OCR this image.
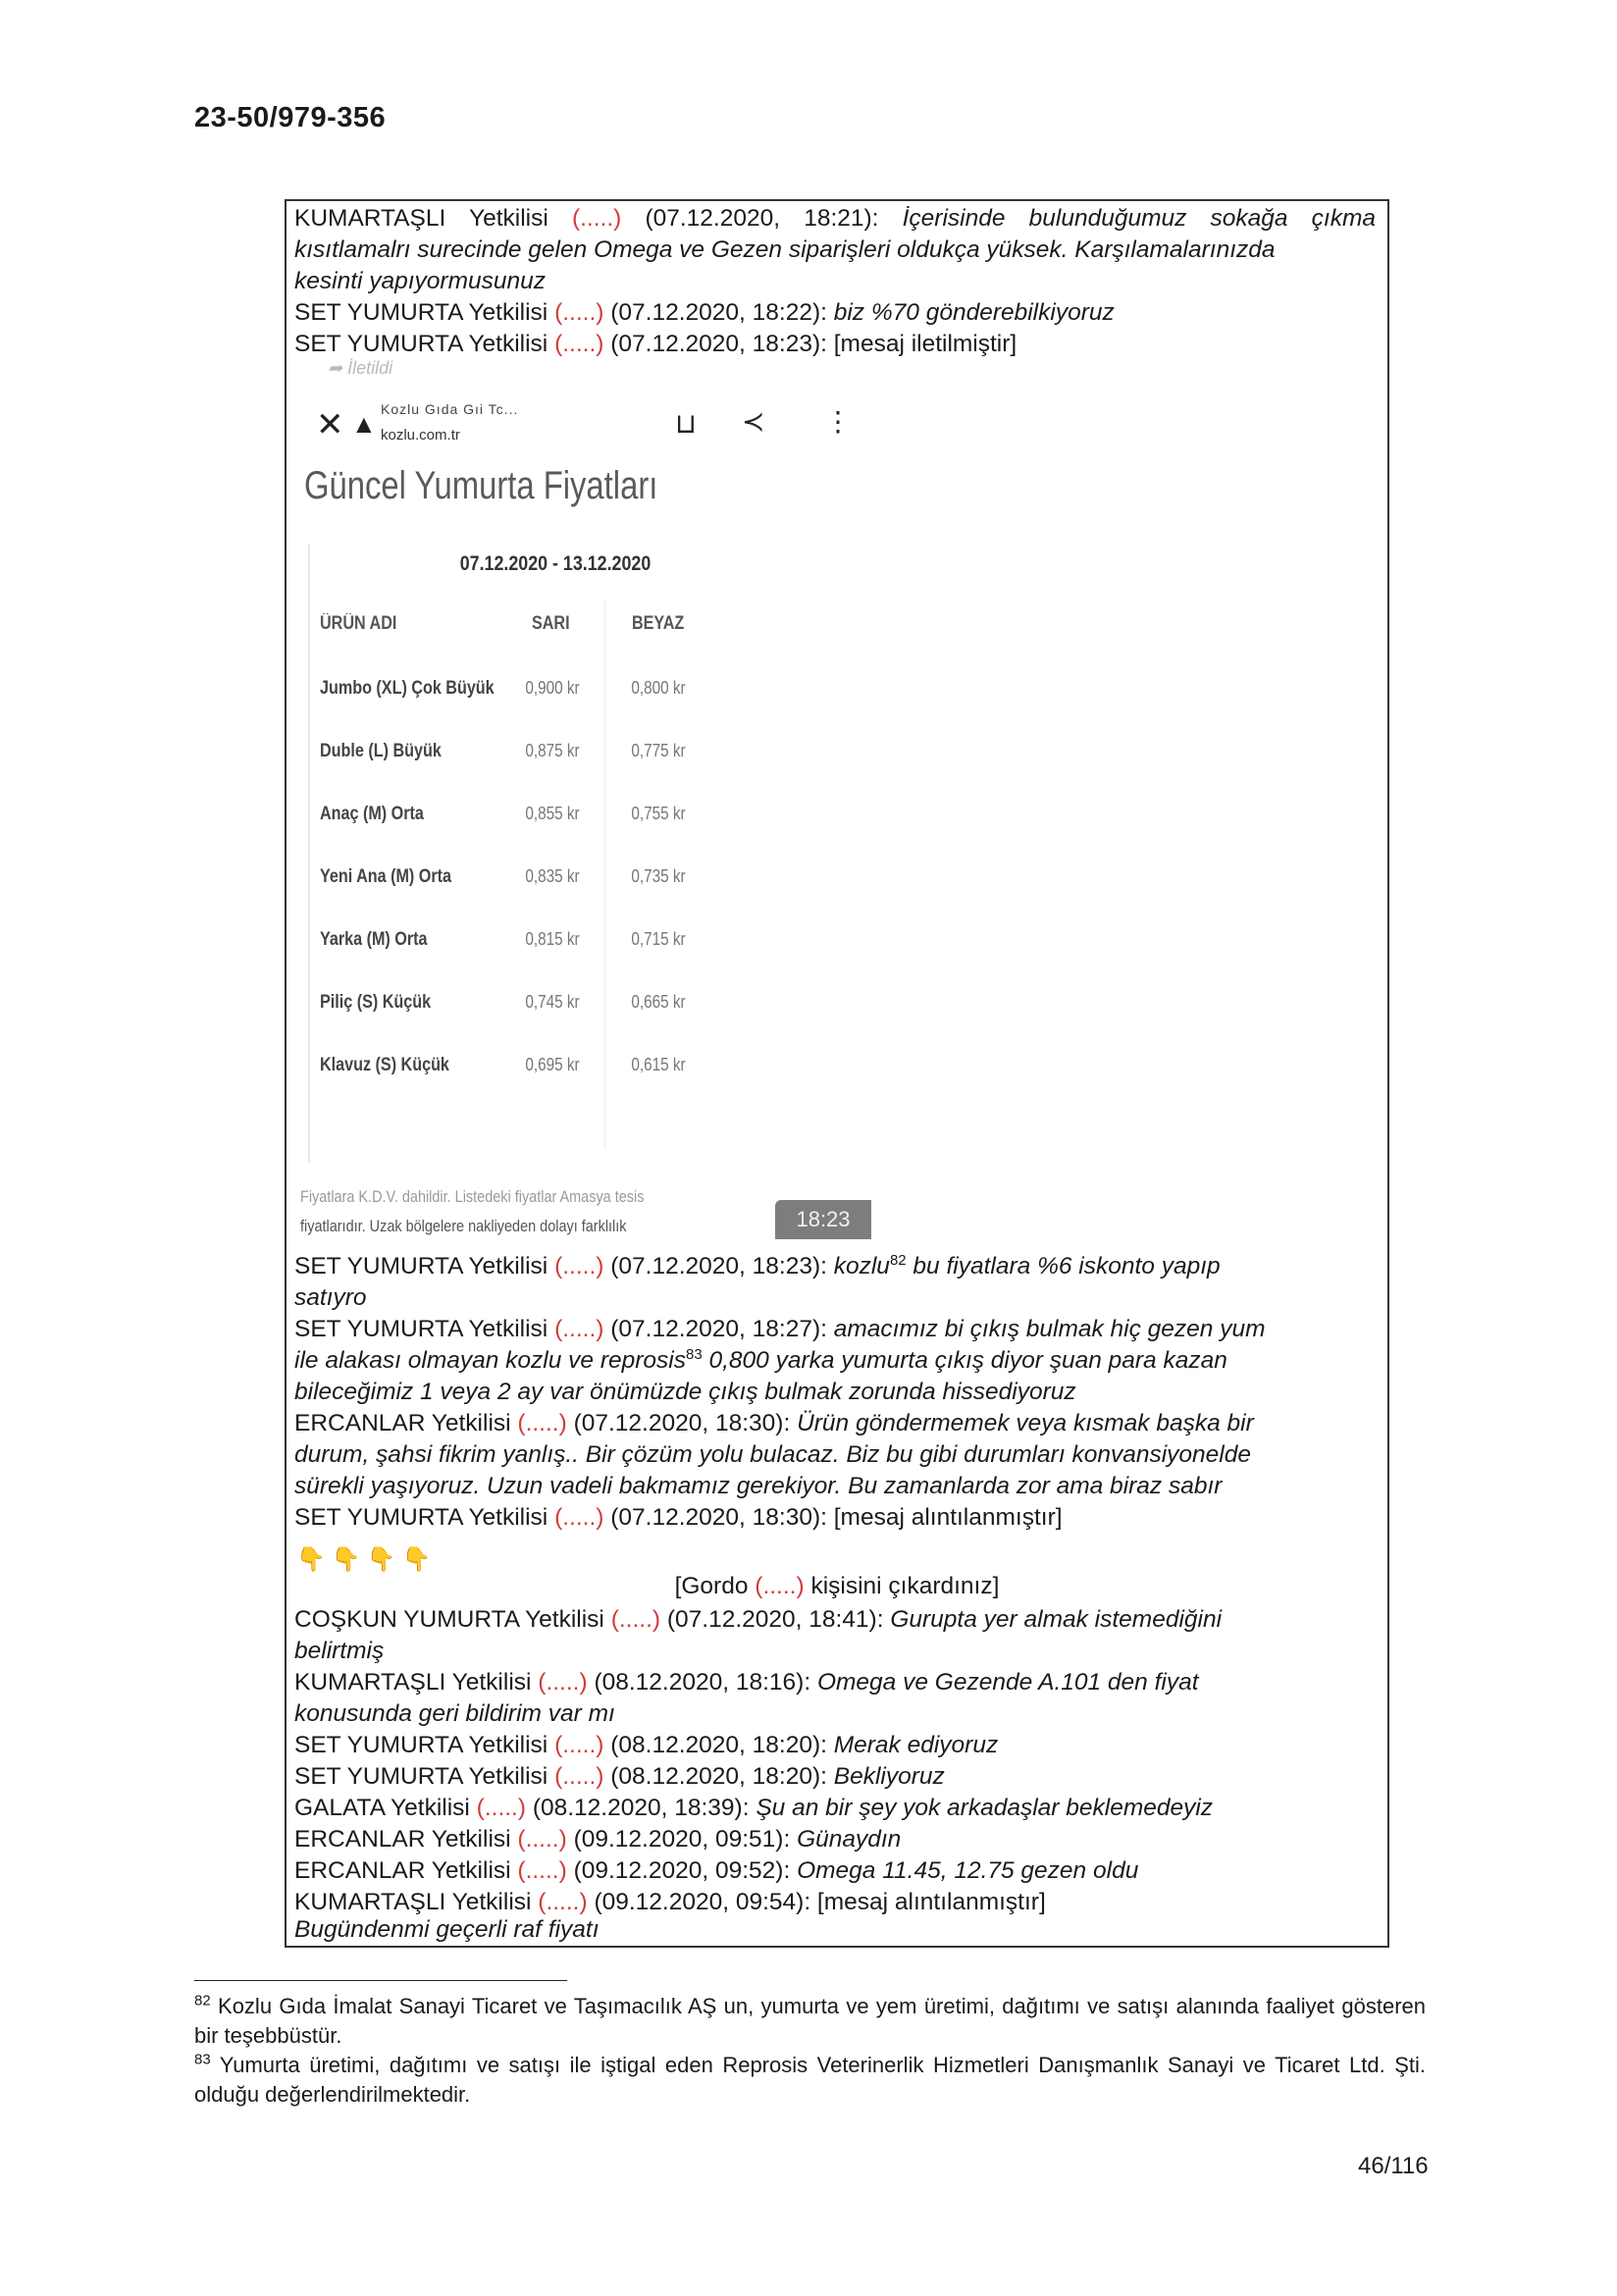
23-50/979-356
KUMARTAŞLI Yetkilisi (.....) (07.12.2020, 18:21): İçerisinde bulunduğumuz sokağa çıkma
kısıtlamalrı surecinde gelen Omega ve Gezen siparişleri oldukça yüksek. Karşılamalarınızda
kesinti yapıyormusunuz
SET YUMURTA Yetkilisi (.....) (07.12.2020, 18:22): biz %70 gönderebilkiyoruz
SET YUMURTA Yetkilisi (.....) (07.12.2020, 18:23): [mesaj iletilmiştir]
➦ İletildi
✕ ▲ Kozlu Gıda Gıi Tc...
kozlu.com.tr	⊔ ≺ ⋮
Güncel Yumurta Fiyatları
07.12.2020 - 13.12.2020
ÜRÜN ADI	SARI	BEYAZ
Jumbo (XL) Çok Büyük 0,900 kr	0,800 kr
Duble (L) Büyük	0,875 kr	0,775 kr
Anaç (M) Orta	0,855 kr	0,755 kr
Yeni Ana (M) Orta	0,835 kr	0,735 kr
Yarka (M) Orta	0,815 kr	0,715 kr
Piliç (S) Küçük	0,745 kr	0,665 kr
Klavuz (S) Küçük	0,695 kr	0,615 kr
Fiyatlara K.D.V. dahildir. Listedeki fiyatlar Amasya tesis
fiyatlarıdır. Uzak bölgelere nakliyeden dolayı farklılık	18:23
SET YUMURTA Yetkilisi (.....) (07.12.2020, 18:23): kozlu$^{82}$ bu fiyatlara %6 iskonto yapıp
satıyro
SET YUMURTA Yetkilisi (.....) (07.12.2020, 18:27): amacımız bi çıkış bulmak hiç gezen yum
ile alakası olmayan kozlu ve reprosis$^{83}$ 0,800 yarka yumurta çıkış diyor şuan para kazan
bileceğimiz 1 veya 2 ay var önümüzde çıkış bulmak zorunda hissediyoruz
ERCANLAR Yetkilisi (.....) (07.12.2020, 18:30): Ürün göndermemek veya kısmak başka bir
durum, şahsi fikrim yanlış.. Bir çözüm yolu bulacaz. Biz bu gibi durumları konvansiyonelde
sürekli yaşıyoruz. Uzun vadeli bakmamız gerekiyor. Bu zamanlarda zor ama biraz sabır
SET YUMURTA Yetkilisi (.....) (07.12.2020, 18:30): [mesaj alıntılanmıştır]
👇👇👇👇
[Gordo (.....) kişisini çıkardınız]
COŞKUN YUMURTA Yetkilisi (.....) (07.12.2020, 18:41): Gurupta yer almak istemediğini
belirtmiş
KUMARTAŞLI Yetkilisi (.....) (08.12.2020, 18:16): Omega ve Gezende A.101 den fiyat
konusunda geri bildirim var mı
SET YUMURTA Yetkilisi (.....) (08.12.2020, 18:20): Merak ediyoruz
SET YUMURTA Yetkilisi (.....) (08.12.2020, 18:20): Bekliyoruz
GALATA Yetkilisi (.....) (08.12.2020, 18:39): Şu an bir şey yok arkadaşlar beklemedeyiz
ERCANLAR Yetkilisi (.....) (09.12.2020, 09:51): Günaydın
ERCANLAR Yetkilisi (.....) (09.12.2020, 09:52): Omega 11.45, 12.75 gezen oldu
KUMARTAŞLI Yetkilisi (.....) (09.12.2020, 09:54): [mesaj alıntılanmıştır]
Bugündenmi geçerli raf fiyatı
$^{82}$ Kozlu Gıda İmalat Sanayi Ticaret ve Taşımacılık AŞ un, yumurta ve yem üretimi, dağıtımı ve satışı alanında faaliyet gösteren bir teşebbüstür.
$^{83}$ Yumurta üretimi, dağıtımı ve satışı ile iştigal eden Reprosis Veterinerlik Hizmetleri Danışmanlık Sanayi ve Ticaret Ltd. Şti. olduğu değerlendirilmektedir.
46/116
